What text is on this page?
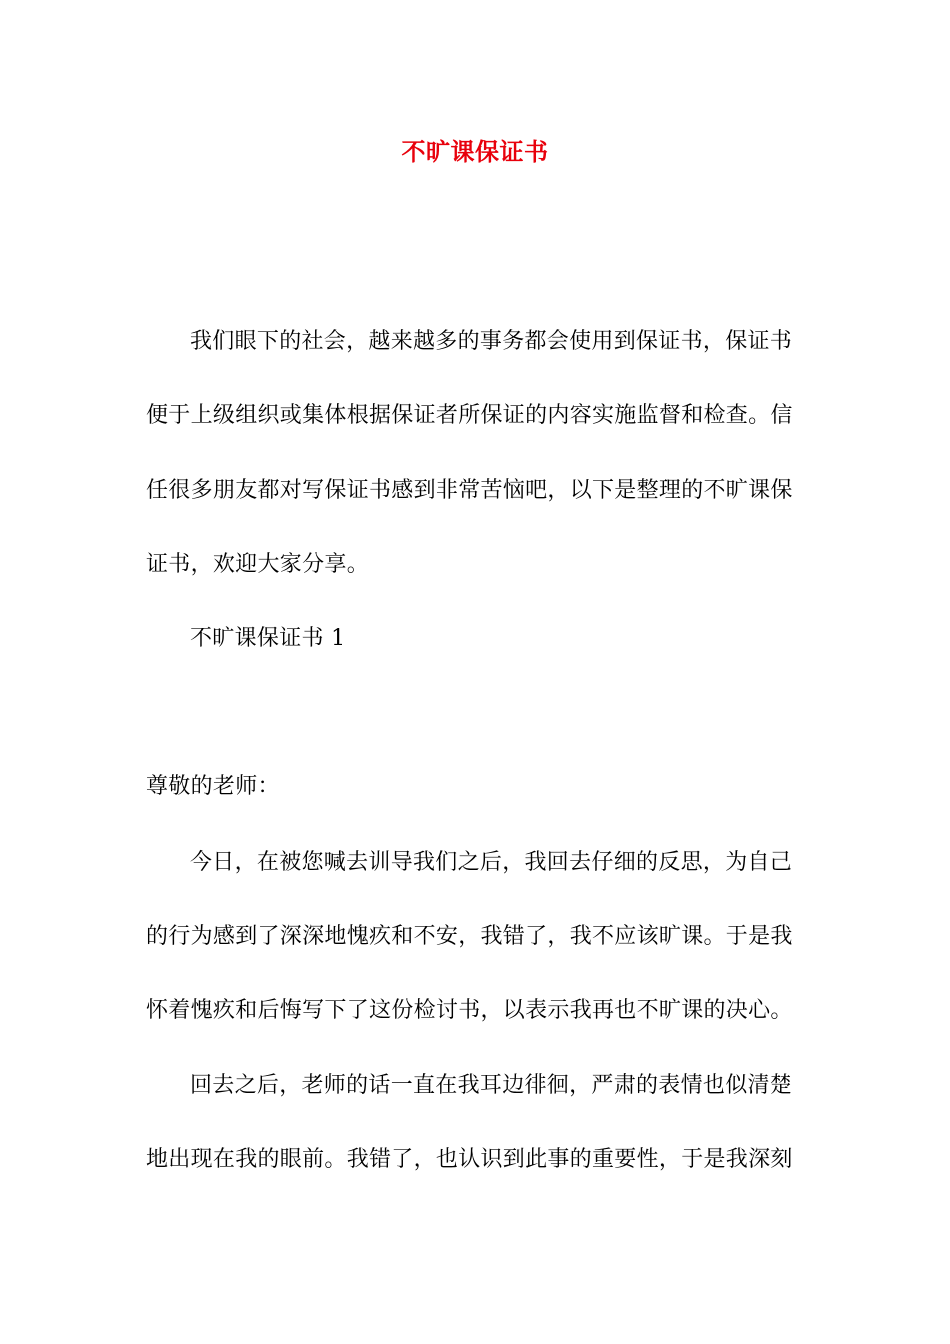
不旷课保证书
我们眼下的社会，越来越多的事务都会使用到保证书，保证书
便于上级组织或集体根据保证者所保证的内容实施监督和检查。信
任很多朋友都对写保证书感到非常苦恼吧，以下是整理的不旷课保
证书，欢迎大家分享。
不旷课保证书 1
尊敬的老师：
今日，在被您喊去训导我们之后，我回去仔细的反思，为自己
的行为感到了深深地愧疚和不安，我错了，我不应该旷课。于是我
怀着愧疚和后悔写下了这份检讨书，以表示我再也不旷课的决心。
回去之后，老师的话一直在我耳边徘徊，严肃的表情也似清楚
地出现在我的眼前。我错了，也认识到此事的重要性，于是我深刻
